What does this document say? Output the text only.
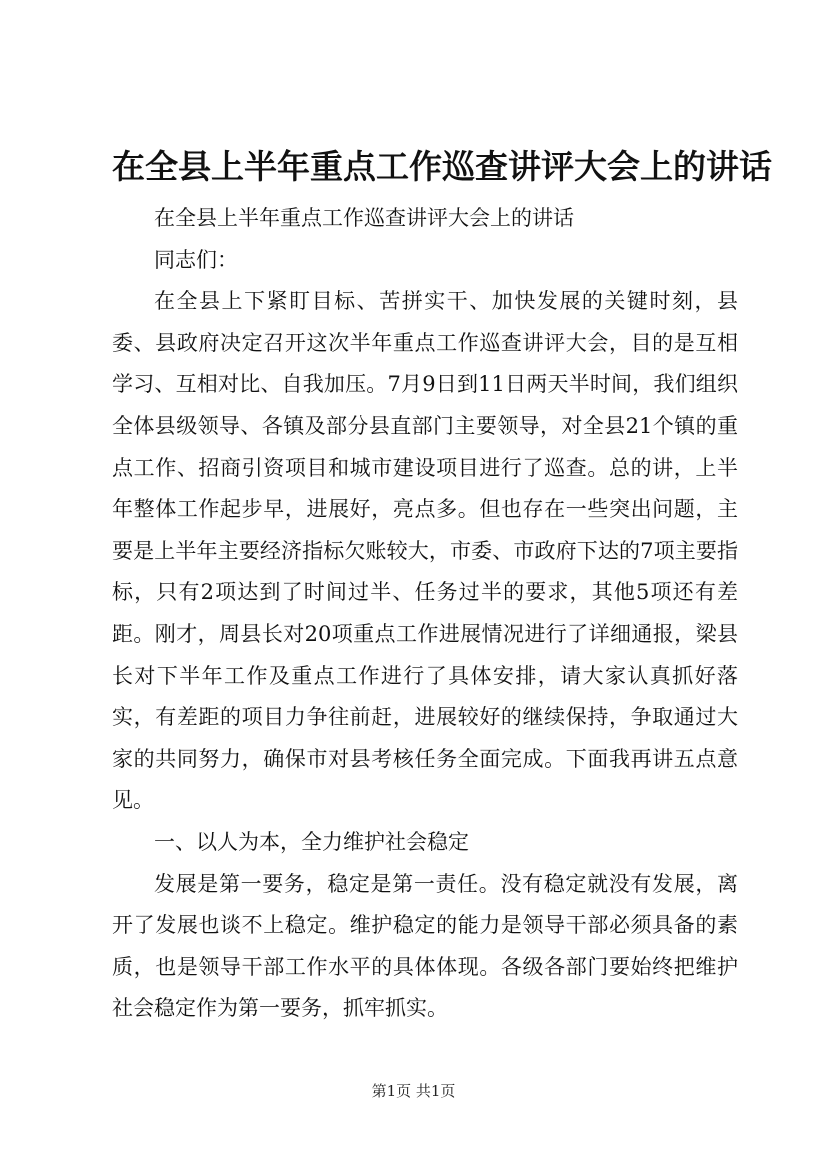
在全县上半年重点工作巡查讲评大会上的讲话

在全县上半年重点工作巡查讲评大会上的讲话

同志们：

在全县上下紧盯目标、苦拼实干、加快发展的关键时刻，县委、县政府决定召开这次半年重点工作巡查讲评大会，目的是互相学习、互相对比、自我加压。7月9日到11日两天半时间，我们组织全体县级领导、各镇及部分县直部门主要领导，对全县21个镇的重点工作、招商引资项目和城市建设项目进行了巡查。总的讲，上半年整体工作起步早，进展好，亮点多。但也存在一些突出问题，主要是上半年主要经济指标欠账较大，市委、市政府下达的7项主要指标，只有2项达到了时间过半、任务过半的要求，其他5项还有差距。刚才，周县长对20项重点工作进展情况进行了详细通报，梁县长对下半年工作及重点工作进行了具体安排，请大家认真抓好落实，有差距的项目力争往前赶，进展较好的继续保持，争取通过大家的共同努力，确保市对县考核任务全面完成。下面我再讲五点意见。

一、以人为本，全力维护社会稳定

发展是第一要务，稳定是第一责任。没有稳定就没有发展，离开了发展也谈不上稳定。维护稳定的能力是领导干部必须具备的素质，也是领导干部工作水平的具体体现。各级各部门要始终把维护社会稳定作为第一要务，抓牢抓实。

第1页 共1页
